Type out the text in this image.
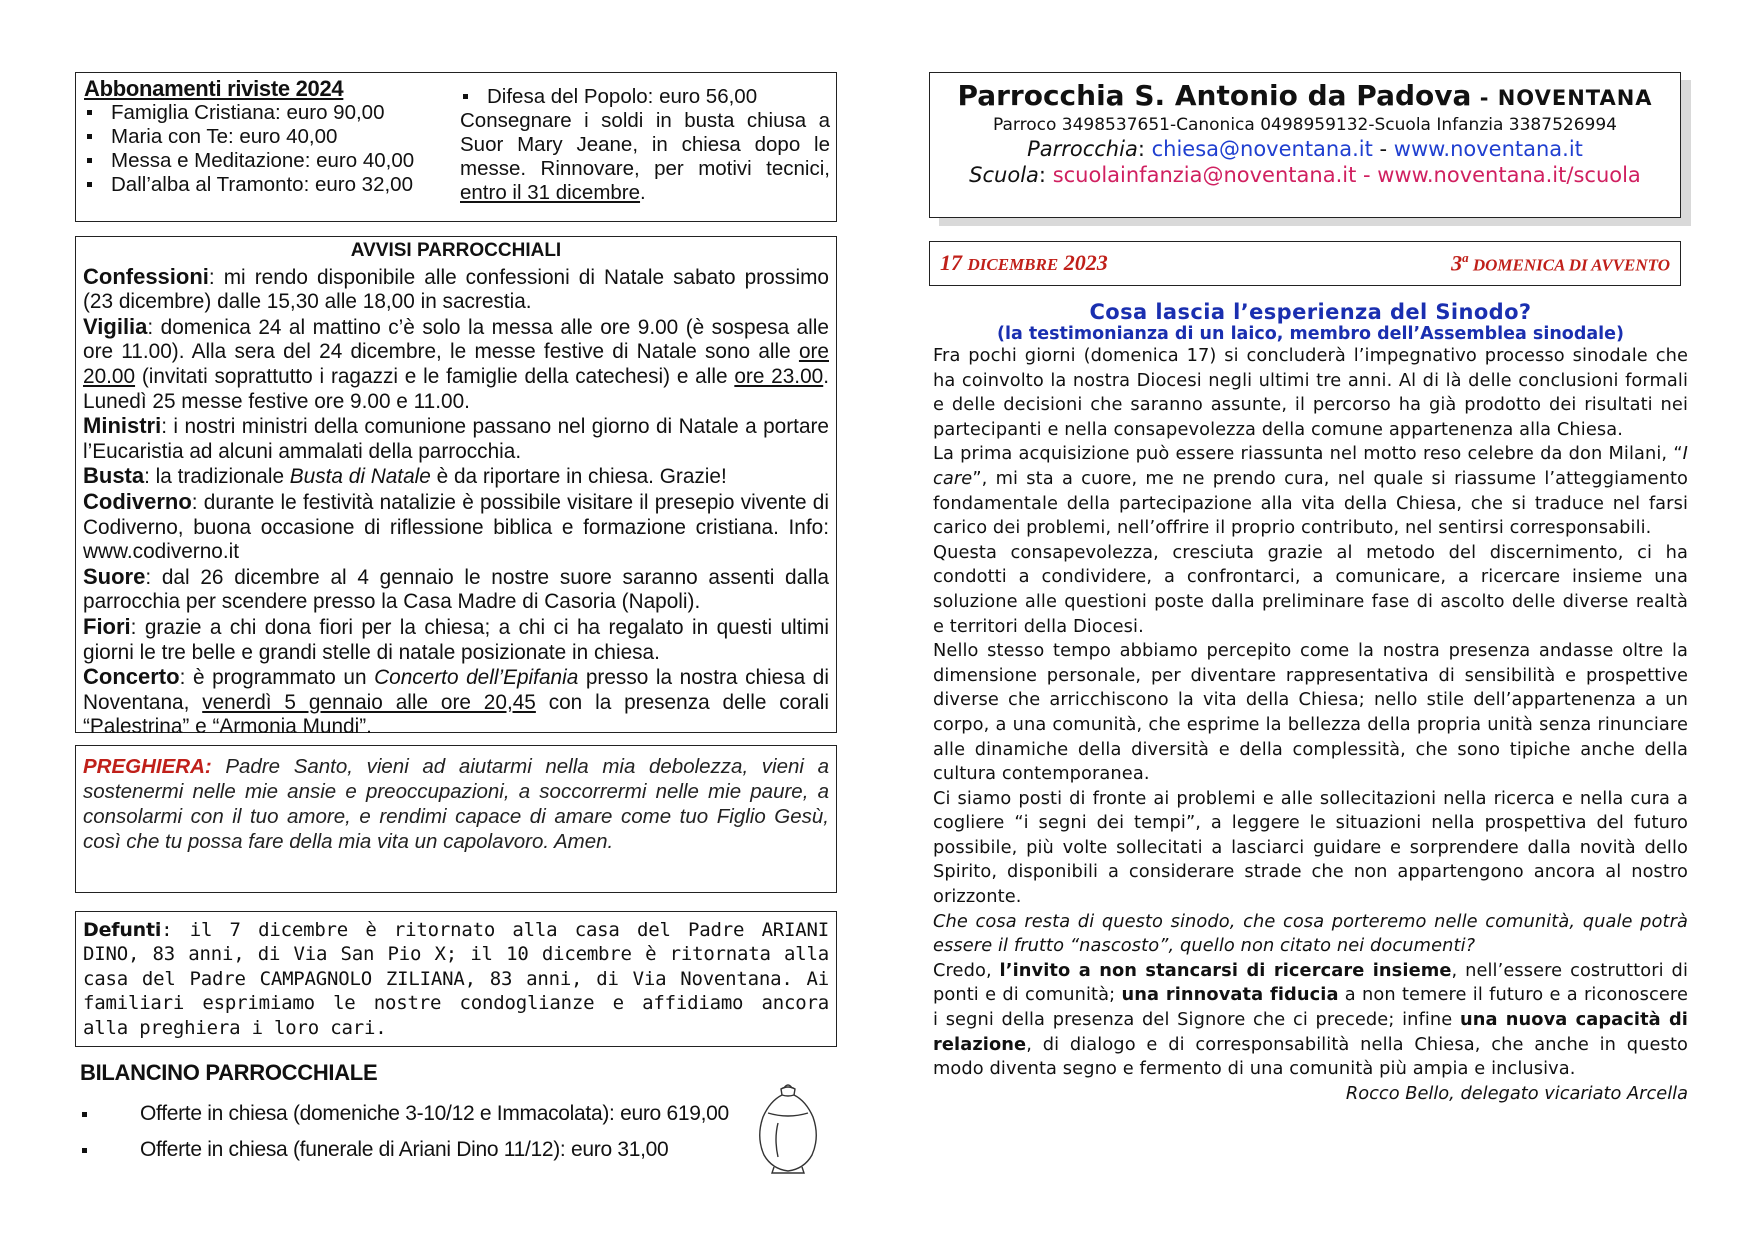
Abbonamenti riviste 2024
Famiglia Cristiana: euro 90,00
Maria con Te: euro 40,00
Messa e Meditazione: euro 40,00
Dall’alba al Tramonto: euro 32,00
Difesa del Popolo: euro 56,00
Consegnare i soldi in busta chiusa a Suor Mary Jeane, in chiesa dopo le messe. Rinnovare, per motivi tecnici, entro il 31 dicembre.
AVVISI PARROCCHIALI

Confessioni: mi rendo disponibile alle confessioni di Natale sabato prossimo (23 dicembre) dalle 15,30 alle 18,00 in sacrestia.

Vigilia: domenica 24 al mattino c’è solo la messa alle ore 9.00 (è sospesa alle ore 11.00). Alla sera del 24 dicembre, le messe festive di Natale sono alle ore 20.00 (invitati soprattutto i ragazzi e le famiglie della catechesi) e alle ore 23.00. Lunedì 25 messe festive ore 9.00 e 11.00.

Ministri: i nostri ministri della comunione passano nel giorno di Natale a portare l’Eucaristia ad alcuni ammalati della parrocchia.

Busta: la tradizionale Busta di Natale è da riportare in chiesa. Grazie!

Codiverno: durante le festività natalizie è possibile visitare il presepio vivente di Codiverno, buona occasione di riflessione biblica e formazione cristiana. Info: www.codiverno.it

Suore: dal 26 dicembre al 4 gennaio le nostre suore saranno assenti dalla parrocchia per scendere presso la Casa Madre di Casoria (Napoli).

Fiori: grazie a chi dona fiori per la chiesa; a chi ci ha regalato in questi ultimi giorni le tre belle e grandi stelle di natale posizionate in chiesa.

Concerto: è programmato un Concerto dell’Epifania presso la nostra chiesa di Noventana, venerdì 5 gennaio alle ore 20,45 con la presenza delle corali “Palestrina” e “Armonia Mundi”.

PREGHIERA: Padre Santo, vieni ad aiutarmi nella mia debolezza, vieni a sostenermi nelle mie ansie e preoccupazioni, a soccorrermi nelle mie paure, a consolarmi con il tuo amore, e rendimi capace di amare come tuo Figlio Gesù, così che tu possa fare della mia vita un capolavoro. Amen.
Defunti: il 7 dicembre è ritornato alla casa del Padre ARIANI DINO, 83 anni, di Via San Pio X; il 10 dicembre è ritornata alla casa del Padre CAMPAGNOLO ZILIANA, 83 anni, di Via Noventana. Ai familiari esprimiamo le nostre condoglianze e affidiamo ancora alla preghiera i loro cari.
BILANCINO PARROCCHIALE
Offerte in chiesa (domeniche 3-10/12 e Immacolata): euro 619,00
Offerte in chiesa (funerale di Ariani Dino 11/12): euro 31,00
Parrocchia S. Antonio da Padova - NOVENTANA
Parroco 3498537651-Canonica 0498959132-Scuola Infanzia 3387526994
Parrocchia: chiesa@noventana.it - www.noventana.it
Scuola: scuolainfanzia@noventana.it - www.noventana.it/scuola
17 DICEMBRE 2023	3$^a$ DOMENICA DI AVVENTO
Cosa lascia l’esperienza del Sinodo?
(la testimonianza di un laico, membro dell’Assemblea sinodale)

Fra pochi giorni (domenica 17) si concluderà l’impegnativo processo sinodale che ha coinvolto la nostra Diocesi negli ultimi tre anni. Al di là delle conclusioni formali e delle decisioni che saranno assunte, il percorso ha già prodotto dei risultati nei partecipanti e nella consapevolezza della comune appartenenza alla Chiesa.

La prima acquisizione può essere riassunta nel motto reso celebre da don Milani, “I care”, mi sta a cuore, me ne prendo cura, nel quale si riassume l’atteggiamento fondamentale della partecipazione alla vita della Chiesa, che si traduce nel farsi carico dei problemi, nell’offrire il proprio contributo, nel sentirsi corresponsabili.

Questa consapevolezza, cresciuta grazie al metodo del discernimento, ci ha condotti a condividere, a confrontarci, a comunicare, a ricercare insieme una soluzione alle questioni poste dalla preliminare fase di ascolto delle diverse realtà e territori della Diocesi.

Nello stesso tempo abbiamo percepito come la nostra presenza andasse oltre la dimensione personale, per diventare rappresentativa di sensibilità e prospettive diverse che arricchiscono la vita della Chiesa; nello stile dell’appartenenza a un corpo, a una comunità, che esprime la bellezza della propria unità senza rinunciare alle dinamiche della diversità e della complessità, che sono tipiche anche della cultura contemporanea.

Ci siamo posti di fronte ai problemi e alle sollecitazioni nella ricerca e nella cura a cogliere “i segni dei tempi”, a leggere le situazioni nella prospettiva del futuro possibile, più volte sollecitati a lasciarci guidare e sorprendere dalla novità dello Spirito, disponibili a considerare strade che non appartengono ancora al nostro orizzonte.

Che cosa resta di questo sinodo, che cosa porteremo nelle comunità, quale potrà essere il frutto “nascosto”, quello non citato nei documenti?

Credo, l’invito a non stancarsi di ricercare insieme, nell’essere costruttori di ponti e di comunità; una rinnovata fiducia a non temere il futuro e a riconoscere i segni della presenza del Signore che ci precede; infine una nuova capacità di relazione, di dialogo e di corresponsabilità nella Chiesa, che anche in questo modo diventa segno e fermento di una comunità più ampia e inclusiva.

Rocco Bello, delegato vicariato Arcella
